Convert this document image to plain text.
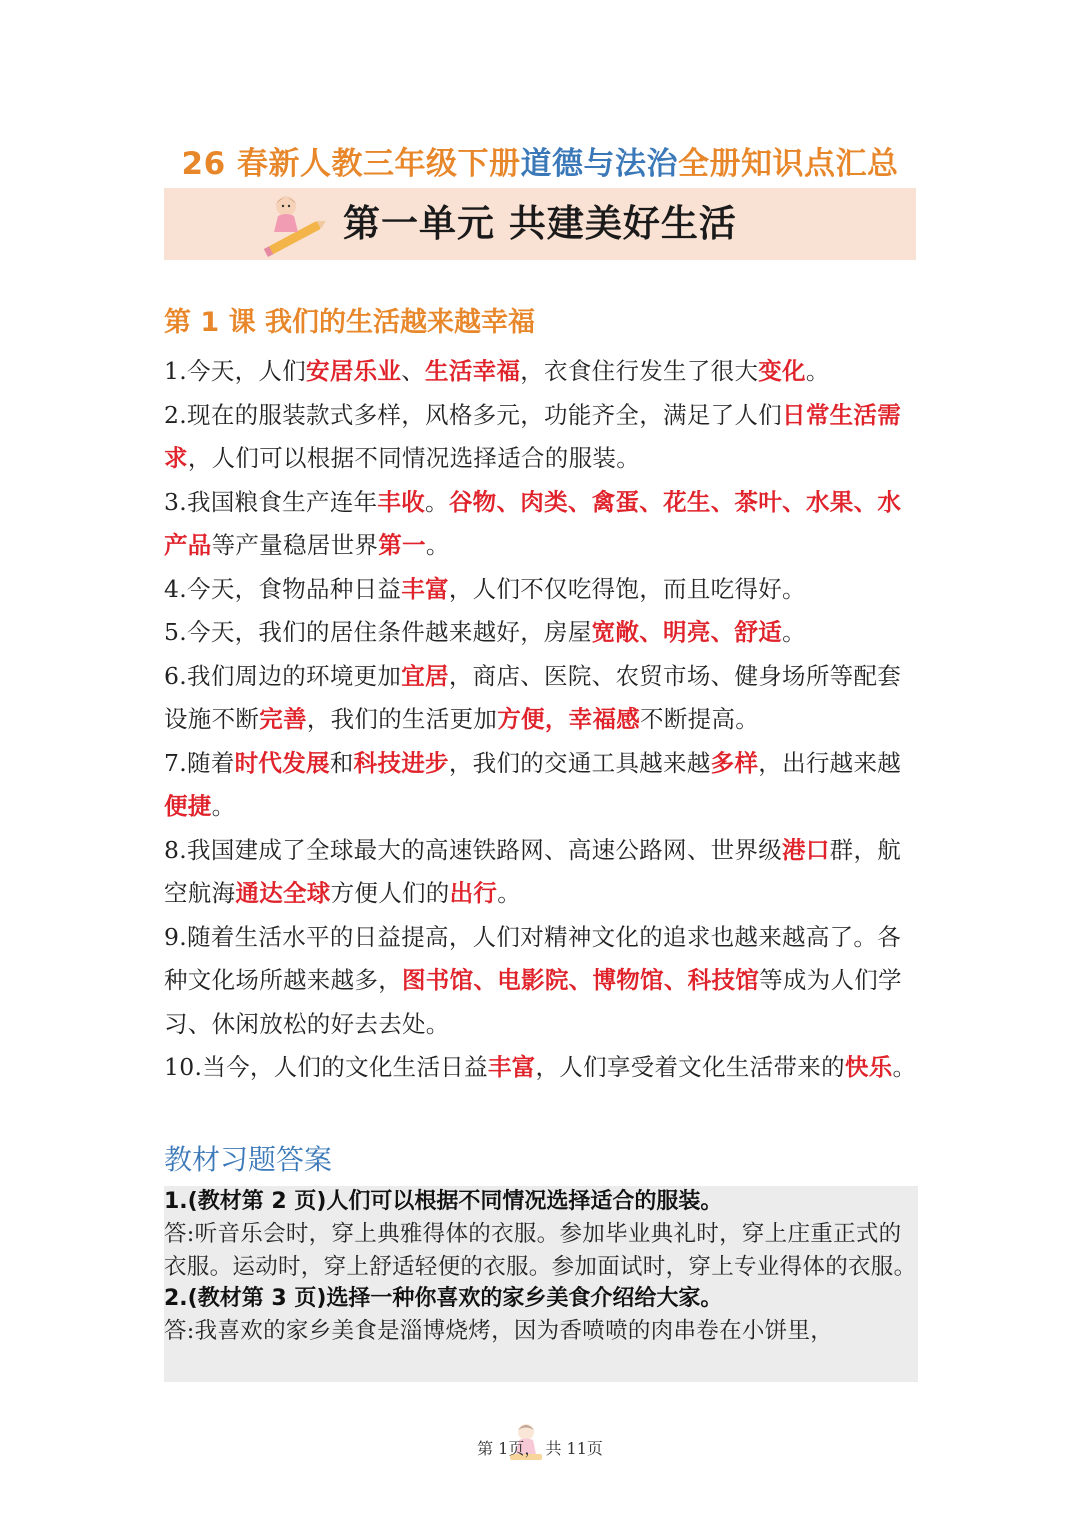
26 春新人教三年级下册道德与法治全册知识点汇总
第一单元 共建美好生活
第 1 课 我们的生活越来越幸福
1.今天，人们安居乐业、生活幸福，衣食住行发生了很大变化。
2.现在的服装款式多样，风格多元，功能齐全，满足了人们日常生活需求，人们可以根据不同情况选择适合的服装。
3.我国粮食生产连年丰收。谷物、肉类、禽蛋、花生、茶叶、水果、水产品等产量稳居世界第一。
4.今天，食物品种日益丰富，人们不仅吃得饱，而且吃得好。
5.今天，我们的居住条件越来越好，房屋宽敞、明亮、舒适。
6.我们周边的环境更加宜居，商店、医院、农贸市场、健身场所等配套设施不断完善，我们的生活更加方便，幸福感不断提高。
7.随着时代发展和科技进步，我们的交通工具越来越多样，出行越来越便捷。
8.我国建成了全球最大的高速铁路网、高速公路网、世界级港口群，航空航海通达全球方便人们的出行。
9.随着生活水平的日益提高，人们对精神文化的追求也越来越高了。各种文化场所越来越多，图书馆、电影院、博物馆、科技馆等成为人们学习、休闲放松的好去去处。
10.当今，人们的文化生活日益丰富，人们享受着文化生活带来的快乐。
教材习题答案
1.(教材第 2 页)人们可以根据不同情况选择适合的服装。
答:听音乐会时，穿上典雅得体的衣服。参加毕业典礼时，穿上庄重正式的衣服。运动时，穿上舒适轻便的衣服。参加面试时，穿上专业得体的衣服。
2.(教材第 3 页)选择一种你喜欢的家乡美食介绍给大家。
答:我喜欢的家乡美食是淄博烧烤，因为香喷喷的肉串卷在小饼里，
第 1页， 共 11页
